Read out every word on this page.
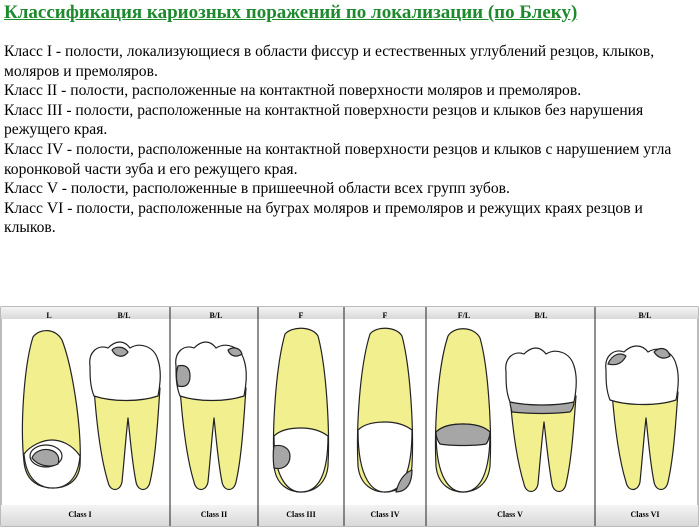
Классификация кариозных поражений по локализации (по Блеку)

Класс I - полости, локализующиеся в области фиссур и естественных углублений резцов, клыков, моляров и премоляров.

Класс II - полости, расположенные на контактной поверхности моляров и премоляров.

Класс III - полости, расположенные на контактной поверхности резцов и клыков без нарушения режущего края.

Класс IV - полости, расположенные на контактной поверхности резцов и клыков с нарушением угла коронковой части зуба и его режущего края.

Класс V - полости, расположенные в пришеечной области всех групп зубов.

Класс VI - полости, расположенные на буграх моляров и премоляров и режущих краях резцов и клыков.

L	B/L	B/L	F	F	F/L	B/L	B/L
Class I	Class II	Class III	Class IV	Class V	Class VI
